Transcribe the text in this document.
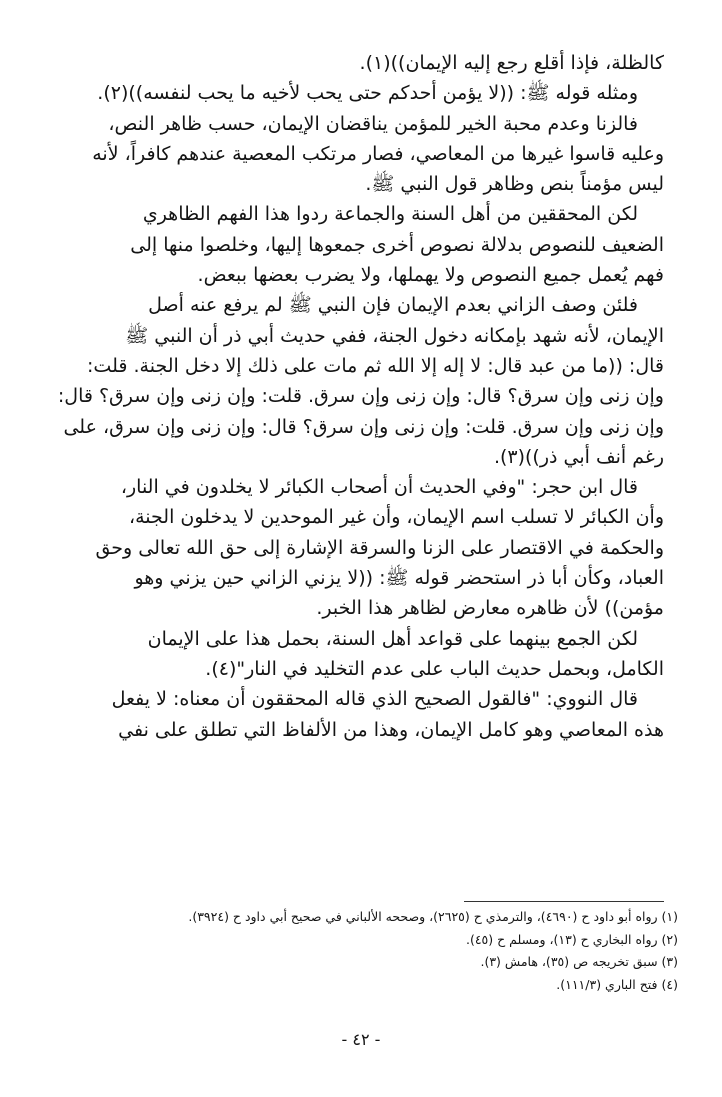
كالظلة، فإذا أقلع رجع إليه الإيمان))(١).
ومثله قوله ﷺ: ((لا يؤمن أحدكم حتى يحب لأخيه ما يحب لنفسه))(٢).
فالزنا وعدم محبة الخير للمؤمن يناقضان الإيمان، حسب ظاهر النص،
وعليه قاسوا غيرها من المعاصي، فصار مرتكب المعصية عندهم كافراً، لأنه
ليس مؤمناً بنص وظاهر قول النبي ﷺ.
لكن المحققين من أهل السنة والجماعة ردوا هذا الفهم الظاهري
الضعيف للنصوص بدلالة نصوص أخرى جمعوها إليها، وخلصوا منها إلى
فهم يُعمل جميع النصوص ولا يهملها، ولا يضرب بعضها ببعض.
فلئن وصف الزاني بعدم الإيمان فإن النبي ﷺ لم يرفع عنه أصل
الإيمان، لأنه شهد بإمكانه دخول الجنة، ففي حديث أبي ذر أن النبي ﷺ
قال: ((ما من عبد قال: لا إله إلا الله ثم مات على ذلك إلا دخل الجنة. قلت:
وإن زنى وإن سرق؟ قال: وإن زنى وإن سرق. قلت: وإن زنى وإن سرق؟ قال:
وإن زنى وإن سرق. قلت: وإن زنى وإن سرق؟ قال: وإن زنى وإن سرق، على
رغم أنف أبي ذر))(٣).
قال ابن حجر: "وفي الحديث أن أصحاب الكبائر لا يخلدون في النار،
وأن الكبائر لا تسلب اسم الإيمان، وأن غير الموحدين لا يدخلون الجنة،
والحكمة في الاقتصار على الزنا والسرقة الإشارة إلى حق الله تعالى وحق
العباد، وكأن أبا ذر استحضر قوله ﷺ: ((لا يزني الزاني حين يزني وهو
مؤمن)) لأن ظاهره معارض لظاهر هذا الخبر.
لكن الجمع بينهما على قواعد أهل السنة، بحمل هذا على الإيمان
الكامل، وبحمل حديث الباب على عدم التخليد في النار"(٤).
قال النووي: "فالقول الصحيح الذي قاله المحققون أن معناه: لا يفعل
هذه المعاصي وهو كامل الإيمان، وهذا من الألفاظ التي تطلق على نفي
(١) رواه أبو داود ح (٤٦٩٠)، والترمذي ح (٢٦٢٥)، وصححه الألباني في صحيح أبي داود ح (٣٩٢٤).
(٢) رواه البخاري ح (١٣)، ومسلم ح (٤٥).
(٣) سبق تخريجه ص (٣٥)، هامش (٣).
(٤) فتح الباري (١١١/٣).
- ٤٢ -
